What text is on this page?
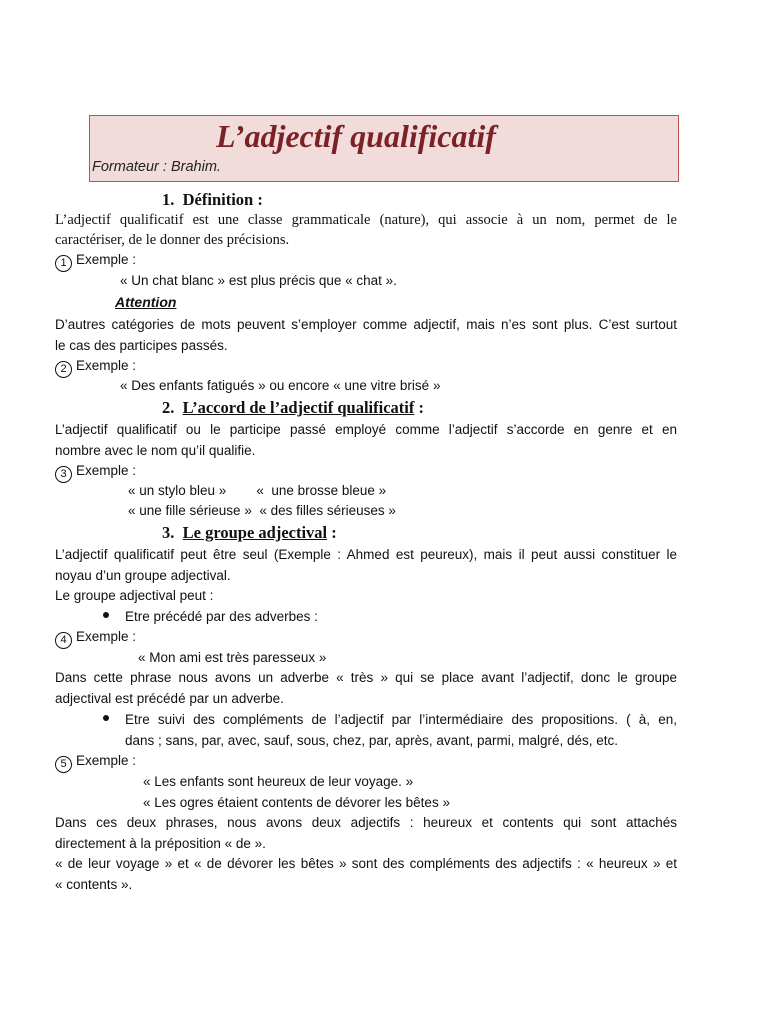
L’adjectif qualificatif
Formateur : Brahim.
1. Définition :
L’adjectif qualificatif est une classe grammaticale (nature), qui associe à un nom, permet de le
caractériser, de le donner des précisions.
1 Exemple :
« Un chat blanc » est plus précis que « chat ».
Attention
D’autres catégories de mots peuvent s’employer comme adjectif, mais n’es sont plus. C’est surtout
le cas des participes passés.
2 Exemple :
« Des enfants fatigués » ou encore « une vitre brisé »
2. L’accord de l’adjectif qualificatif :
L’adjectif qualificatif ou le participe passé employé comme l’adjectif s’accorde en genre et en
nombre avec le nom qu’il qualifie.
3 Exemple :
« un stylo bleu »        «  une brosse bleue »
« une fille sérieuse »  « des filles sérieuses »
3. Le groupe adjectival :
L’adjectif qualificatif peut être seul (Exemple : Ahmed est peureux), mais il peut aussi constituer le
noyau d’un groupe adjectival.
Le groupe adjectival peut :
Etre précédé par des adverbes :
4 Exemple :
« Mon ami est très paresseux »
Dans cette phrase nous avons un adverbe « très » qui se place avant l’adjectif, donc le groupe
adjectival est précédé par un adverbe.
Etre suivi des compléments de l’adjectif par l’intermédiaire des propositions. ( à, en,
dans ; sans, par, avec, sauf, sous, chez, par, après, avant, parmi, malgré, dés, etc.
5 Exemple :
« Les enfants sont heureux de leur voyage. »
« Les ogres étaient contents de dévorer les bêtes »
Dans ces deux phrases, nous avons deux adjectifs : heureux et contents qui sont attachés
directement à la préposition « de ».
« de leur voyage » et « de dévorer les bêtes » sont des compléments des adjectifs : « heureux » et
« contents ».
